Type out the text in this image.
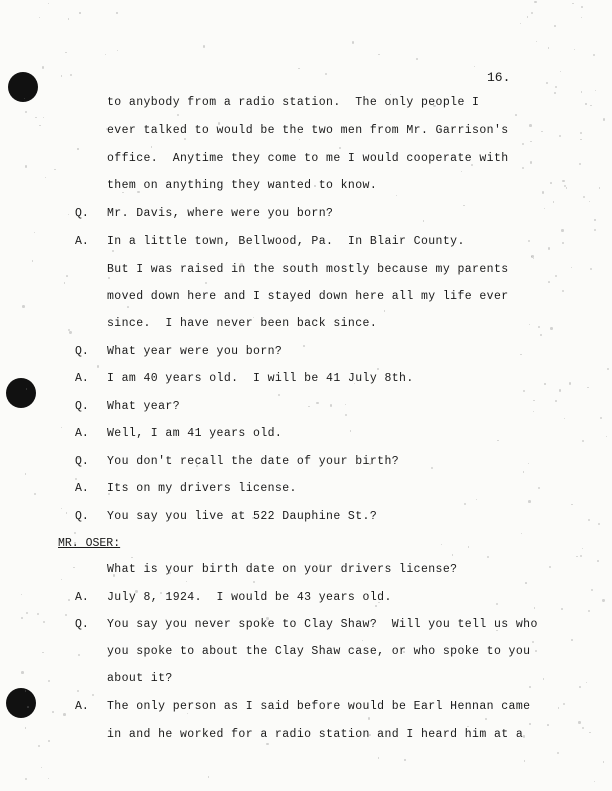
16.
to anybody from a radio station.  The only people I
ever talked to would be the two men from Mr. Garrison's
office.  Anytime they come to me I would cooperate with
them on anything they wanted to know.
Q. Mr. Davis, where were you born?
A. In a little town, Bellwood, Pa.  In Blair County.
But I was raised in the south mostly because my parents
moved down here and I stayed down here all my life ever
since.  I have never been back since.
Q. What year were you born?
A. I am 40 years old.  I will be 41 July 8th.
Q. What year?
A. Well, I am 41 years old.
Q. You don't recall the date of your birth?
A. Its on my drivers license.
Q. You say you live at 522 Dauphine St.?
MR. OSER:
What is your birth date on your drivers license?
A. July 8, 1924.  I would be 43 years old.
Q. You say you never spoke to Clay Shaw?  Will you tell us who
you spoke to about the Clay Shaw case, or who spoke to you
about it?
A. The only person as I said before would be Earl Hennan came
in and he worked for a radio station and I heard him at a
